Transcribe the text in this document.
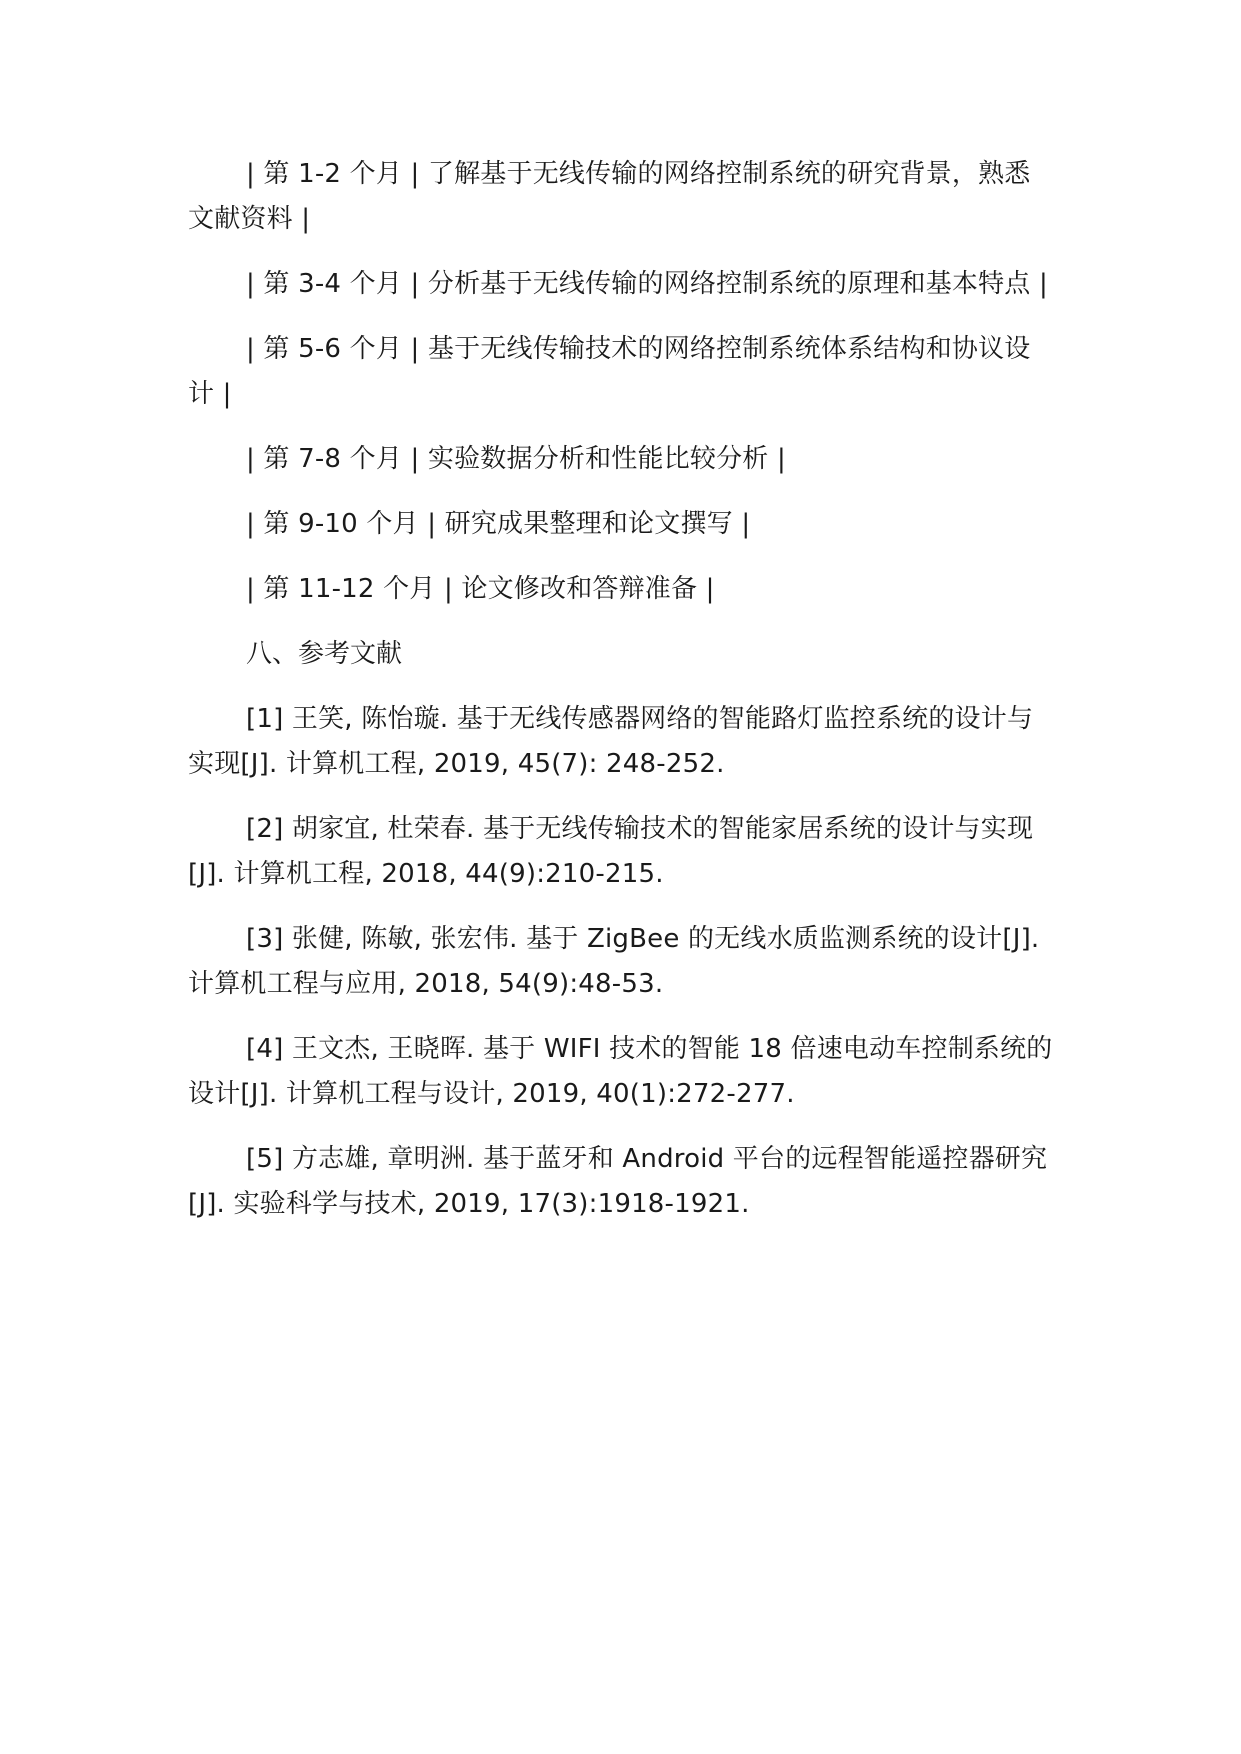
| 第 1-2 个月 | 了解基于无线传输的网络控制系统的研究背景，熟悉文献资料 |

| 第 3-4 个月 | 分析基于无线传输的网络控制系统的原理和基本特点 |

| 第 5-6 个月 | 基于无线传输技术的网络控制系统体系结构和协议设计 |

| 第 7-8 个月 | 实验数据分析和性能比较分析 |

| 第 9-10 个月 | 研究成果整理和论文撰写 |

| 第 11-12 个月 | 论文修改和答辩准备 |

八、参考文献

[1] 王笑, 陈怡璇. 基于无线传感器网络的智能路灯监控系统的设计与实现[J]. 计算机工程, 2019, 45(7): 248-252.

[2] 胡家宜, 杜荣春. 基于无线传输技术的智能家居系统的设计与实现[J]. 计算机工程, 2018, 44(9):210-215.

[3] 张健, 陈敏, 张宏伟. 基于 ZigBee 的无线水质监测系统的设计[J]. 计算机工程与应用, 2018, 54(9):48-53.

[4] 王文杰, 王晓晖. 基于 WIFI 技术的智能 18 倍速电动车控制系统的设计[J]. 计算机工程与设计, 2019, 40(1):272-277.

[5] 方志雄, 章明洲. 基于蓝牙和 Android 平台的远程智能遥控器研究[J]. 实验科学与技术, 2019, 17(3):1918-1921.
